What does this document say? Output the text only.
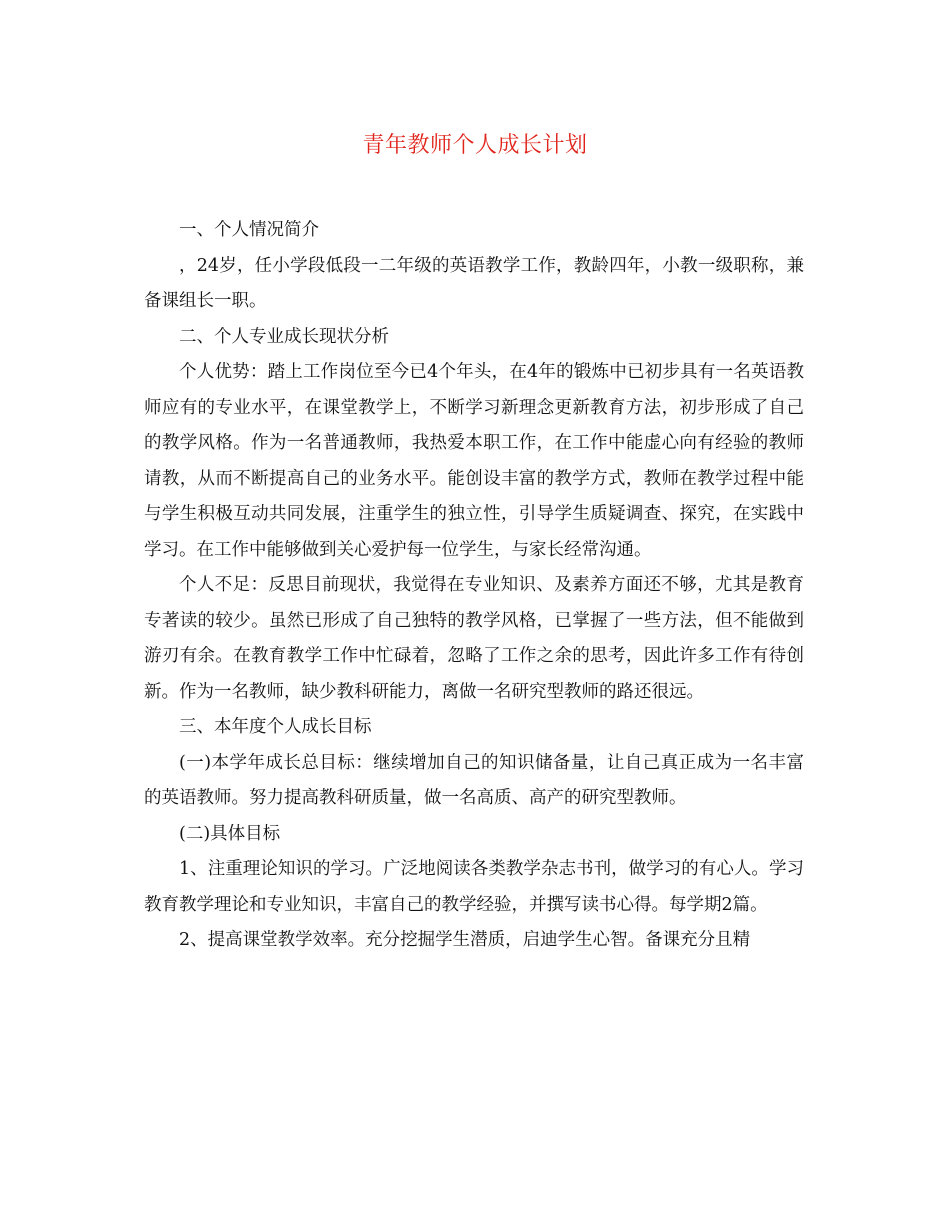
青年教师个人成长计划

一、个人情况简介

，24岁，任小学段低段一二年级的英语教学工作，教龄四年，小教一级职称，兼备课组长一职。

二、个人专业成长现状分析

个人优势：踏上工作岗位至今已4个年头，在4年的锻炼中已初步具有一名英语教师应有的专业水平，在课堂教学上，不断学习新理念更新教育方法，初步形成了自己的教学风格。作为一名普通教师，我热爱本职工作，在工作中能虚心向有经验的教师请教，从而不断提高自己的业务水平。能创设丰富的教学方式，教师在教学过程中能与学生积极互动共同发展，注重学生的独立性，引导学生质疑调查、探究，在实践中学习。在工作中能够做到关心爱护每一位学生，与家长经常沟通。

个人不足：反思目前现状，我觉得在专业知识、及素养方面还不够，尤其是教育专著读的较少。虽然已形成了自己独特的教学风格，已掌握了一些方法，但不能做到游刃有余。在教育教学工作中忙碌着，忽略了工作之余的思考，因此许多工作有待创新。作为一名教师，缺少教科研能力，离做一名研究型教师的路还很远。

三、本年度个人成长目标

(一)本学年成长总目标：继续增加自己的知识储备量，让自己真正成为一名丰富的英语教师。努力提高教科研质量，做一名高质、高产的研究型教师。

(二)具体目标

1、注重理论知识的学习。广泛地阅读各类教学杂志书刊，做学习的有心人。学习教育教学理论和专业知识，丰富自己的教学经验，并撰写读书心得。每学期2篇。

2、提高课堂教学效率。充分挖掘学生潜质，启迪学生心智。备课充分且精
